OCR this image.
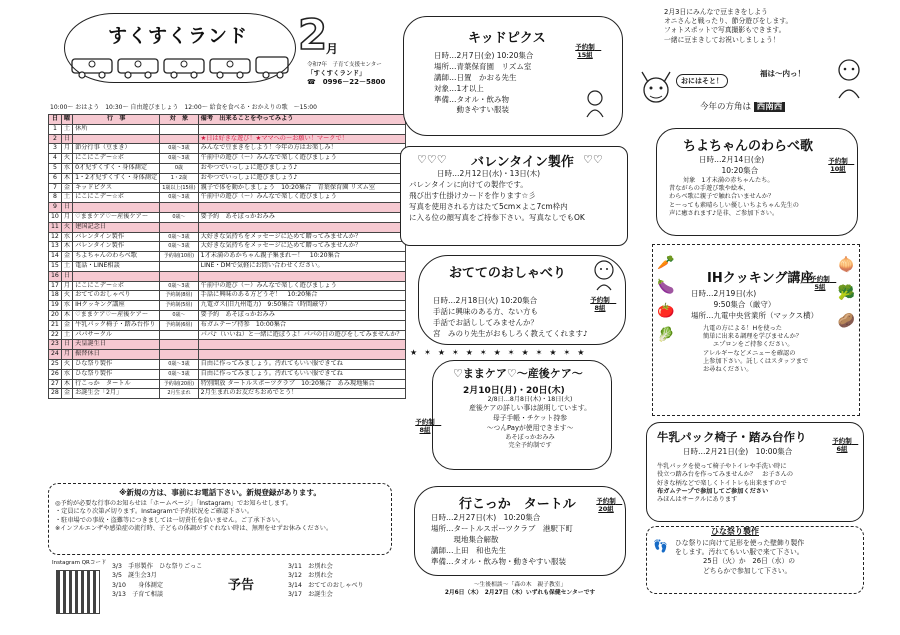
すくすくランド 2
月
令和7年　子育て支援センター
「すくすくランド」
☎　0996－22－5800
10:00～ おはよう　10:30～ 自由遊びましょう　12:00～ 給食を食べる・おかえりの歌　～15:00
日	曜	行　事	対　象	備考　出来ることをやってみよう
1	土	休所		
2	日			★日は好きな遊び！★ママへの～お願い！マークで！
3	月	節分行事（豆まき）	0歳～3歳	みんなで豆まきをしよう！今年の方はお楽しみ！
4	火	にこにこデー☆ボ	0歳～3歳	午前中の遊び（～）みんなで楽しく遊びましょう
5	水	0才児すくすく・身体測定	0歳	おやつでいっしょに遊びましょう♪
6	木	1・2才児すくすく・身体測定	1・2歳	おやつでいっしょに遊びましょう♪
7	金	キッドピクス	1歳以上(15組)	親子で体を動かしましょう　10:20集合　青葉保育園 リズム室
8	土	にこにこデー☆ボ	0歳～3歳	午前中の遊び（～）みんなで楽しく遊びましょう
9	日			
10	月	♡ままケア♡～産後ケア～	0歳～	要予約　あそぼっかおみみ
11	火	建国記念日		
12	水	バレンタイン製作	0歳～3歳	大好きな気持ちをメッセージに込めて贈ってみませんか？
13	木	バレンタイン製作	0歳～3歳	大好きな気持ちをメッセージに込めて贈ってみませんか？
14	金	ちよちゃんのわらべ歌	予約制(10組)	1才未満のあかちゃん親子集まれ～！　10:20集合
15	土	電話・LINE相談		LINE・DMで気軽にお問い合わせください。
16	日			
17	月	にこにこデー☆ボ	0歳～3歳	午前中の遊び（～）みんなで楽しく遊びましょう
18	火	おててのおしゃべり	予約制(8組)	手話に興味のある方どうぞ！　10:20集合
19	水	IHクッキング講座	予約制(5組)	九電ガス(旧九州電力)　9:50集合（時間厳守）
20	木	♡ままケア♡～産後ケア～	0歳～	要予約　あそぼっかおみみ
21	金	牛乳パック椅子・踏み台作り	予約制(6組)	布ガムテープ持参　10:00集合
22	土	パパサークル		パパ♪（いいね）と一緒に遊ぼうよ！パパの日の遊びをしてみませんか？
23	日	天皇誕生日		
24	月	振替休日		
25	火	ひな祭り製作	0歳～3歳	自由に作ってみましょう。汚れてもいい服できてね
26	水	ひな祭り製作	0歳～3歳	自由に作ってみましょう。汚れてもいい服できてね
27	木	行こっか　タートル	予約制(20組)	特別開放 タートルスポーツクラブ　10:20集合　あみ現地集合
28	金	お誕生会「2月」	2月生まれ	2月生まれのお友だちおめでとう！
※新規の方は、事前にお電話下さい。新規登録があります。
◎予約が必要な行事のお知らせは「ホームページ」「Instagram」でお知らせします。
・定員になり次第〆切ります。Instagramで予約状況をご確認下さい。
・駐車場での事故・盗難等につきましては一切責任を負いません。ご了承下さい。
※インフルエンザや感染症の流行時、子どもの体調がすぐれない時は、無理をせずお休みください。
Instagram QRコード 3/3　手形製作　ひな祭りごっこ
3/5　誕生会3月
3/10　　身体測定
3/13　子育て相談
予告
3/11　お別れ会
3/12　お別れ会
3/14　おててのおしゃべり
3/17　お誕生会
キッドピクス
予約制　15組
日時…2月7日(金) 10:20集合
場所…青葉保育園　リズム室
講師…日置　かおる先生
対象…1才以上
準備…タオル・飲み物
　　　動きやすい服装
♡♡♡ バレンタイン製作 ♡♡
日時…2月12日(水)・13日(木)
バレンタインに向けての製作です。
飛び出す仕掛けカードを作ります☆彡
写真を使用される方はたて5cm×よこ7cm枠内
に入る位の顔写真をご持参下さい。写真なしでもOK
おててのおしゃべり
予約制　8組
日時…2月18日(火) 10:20集合
手話に興味のある方、ない方も
手話でお話ししてみませんか？
宮　みのり先生がおもしろく教えてくれます♪
★✶★✶★✶★✶★✶★✶★
♡ままケア♡～産後ケア～
2月10日(月)・20日(木)
予約制　8組
2/8日…8月8日(木)・18日(火)
産後ケアの詳しい事は説明しています。
母子手帳・チケット持参
～つんPayが使用できます～
あそぼっかおみみ
完全予約制です
行こっか　タートル	予約制　20組
日時…2月27日(木)　10:20集合
場所…タートルスポーツクラブ　港駅下町
　　　現地集合解散
講師…上田　和也先生
準備…タオル・飲み物・動きやすい服装
～生後相談～「森の木　親子教室」
2月6日（木）　2月27日（木）いずれも保健センターです
2月3日にみんなで豆まきをしよう
オニさんと戦ったり、節分遊びをします。
フォトスポットで写真撮影もできます。
一緒に豆まきしてお祝いしましょう！
おにはそと！
福は～内っ！
今年の方角は 西南西
ちよちゃんのわらべ歌
予約制　10組
日時…2月14日(金)
　　　10:20集合
対象　1才未満の赤ちゃんたち。
昔ながらの手遊び歌や絵本、
わらべ歌に親子で触れ合いませんか？
と～っても素晴らしい優しいちよちゃん先生の
声に癒されます♪是非、ご参加下さい。
IHクッキング講座
予約制　5組
日時…2月19日(水)
　　　9:50集合（厳守）
場所…九電中央営業所（マックス横）
九電の方による！Hを使った
簡単に出来る調理を学びませんか？
エプロンをご持参ください。
アレルギーなどメニューを確認の
上参加下さい。託しくはスタッフまで
お尋ねください。
🥕
🍆
🍅
🥬
🧅
🥦
🥔
牛乳パック椅子・踏み台作り	予約制　6組
日時…2月21日(金)　10:00集合
牛乳パックを使って椅子やトイレや手洗い時に
役立つ踏み台を作ってみませんか？　お子さんの
好きな柄などで楽しくトイトレも出来ますので
布ガムテープで参加してご参加ください
みほんはサークルにあります
ひな祭り製作
👣 ひな祭りに向けて足形を使った壁飾り製作
をします。汚れてもいい服で来て下さい。
25日（火）か　26日（水）の
どちらかで参加して下さい。
